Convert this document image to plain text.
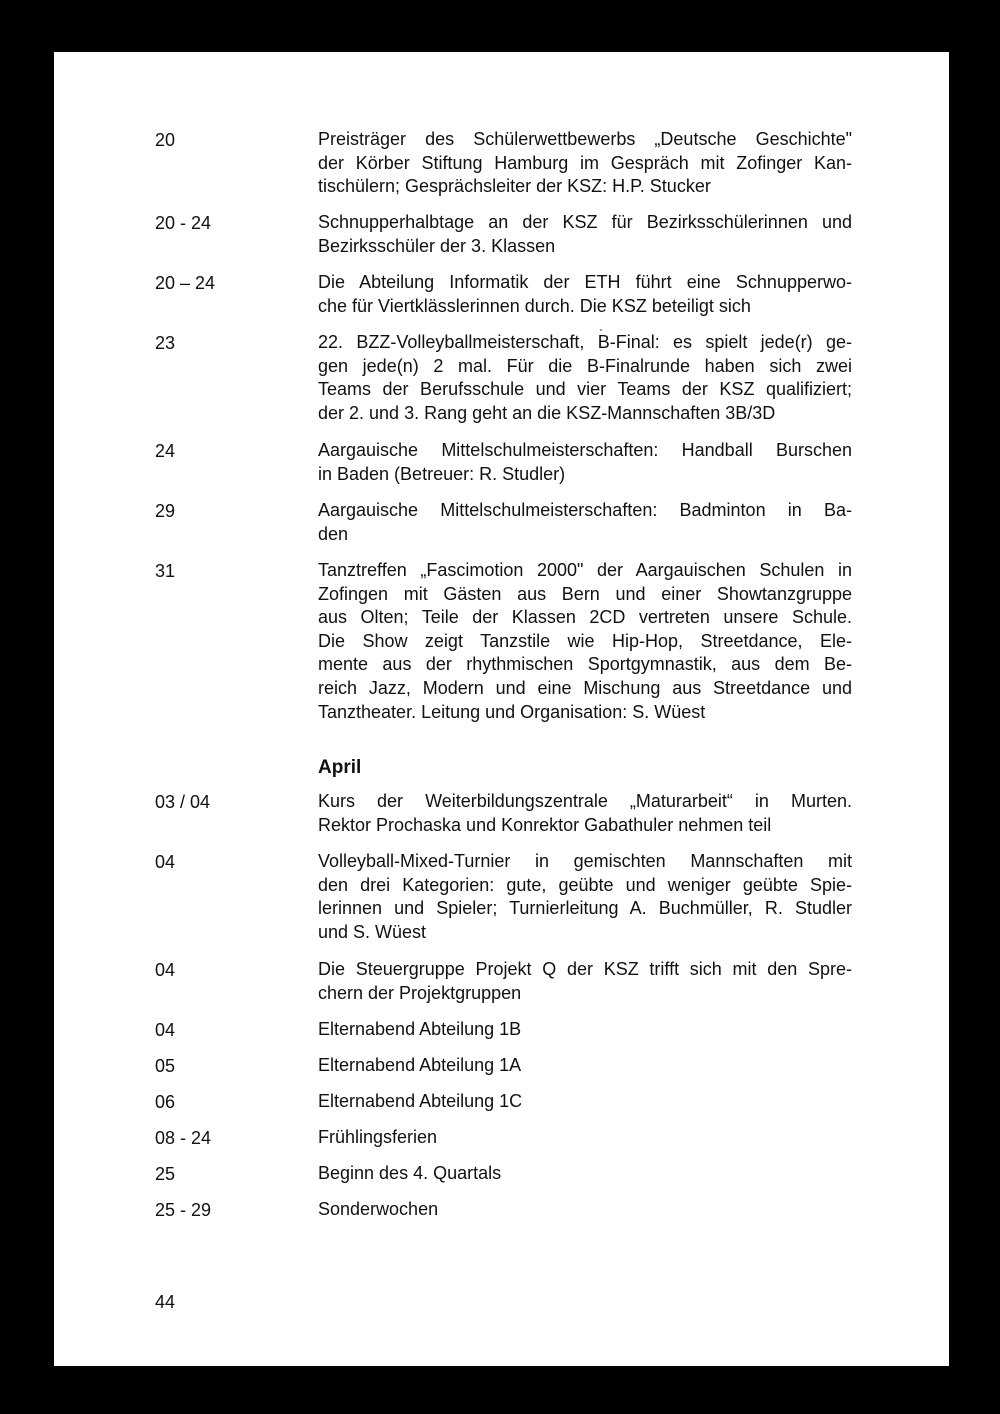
20	Preisträger des Schülerwettbewerbs „Deutsche Geschichte"
der Körber Stiftung Hamburg im Gespräch mit Zofinger Kan-
tischülern; Gesprächsleiter der KSZ: H.P. Stucker
20 - 24	Schnupperhalbtage an der KSZ für Bezirksschülerinnen und
Bezirksschüler der 3. Klassen
20 – 24	Die Abteilung Informatik der ETH führt eine Schnupperwo-
che für Viertklässlerinnen durch. Die KSZ beteiligt sich
23	22. BZZ-Volleyballmeisterschaft, B-Final: es spielt jede(r) ge-
gen jede(n) 2 mal. Für die B-Finalrunde haben sich zwei
Teams der Berufsschule und vier Teams der KSZ qualifiziert;
der 2. und 3. Rang geht an die KSZ-Mannschaften 3B/3D
24	Aargauische Mittelschulmeisterschaften: Handball Burschen
in Baden (Betreuer: R. Studler)
29	Aargauische Mittelschulmeisterschaften: Badminton in Ba-
den
31	Tanztreffen „Fascimotion 2000" der Aargauischen Schulen in
Zofingen mit Gästen aus Bern und einer Showtanzgruppe
aus Olten; Teile der Klassen 2CD vertreten unsere Schule.
Die Show zeigt Tanzstile wie Hip-Hop, Streetdance, Ele-
mente aus der rhythmischen Sportgymnastik, aus dem Be-
reich Jazz, Modern und eine Mischung aus Streetdance und
Tanztheater. Leitung und Organisation: S. Wüest
April
03 / 04	Kurs der Weiterbildungszentrale „Maturarbeit“ in Murten.
Rektor Prochaska und Konrektor Gabathuler nehmen teil
04	Volleyball-Mixed-Turnier in gemischten Mannschaften mit
den drei Kategorien: gute, geübte und weniger geübte Spie-
lerinnen und Spieler; Turnierleitung A. Buchmüller, R. Studler
und S. Wüest
04	Die Steuergruppe Projekt Q der KSZ trifft sich mit den Spre-
chern der Projektgruppen
04	Elternabend Abteilung 1B
05	Elternabend Abteilung 1A
06	Elternabend Abteilung 1C
08 - 24	Frühlingsferien
25	Beginn des 4. Quartals
25 - 29	Sonderwochen
44
